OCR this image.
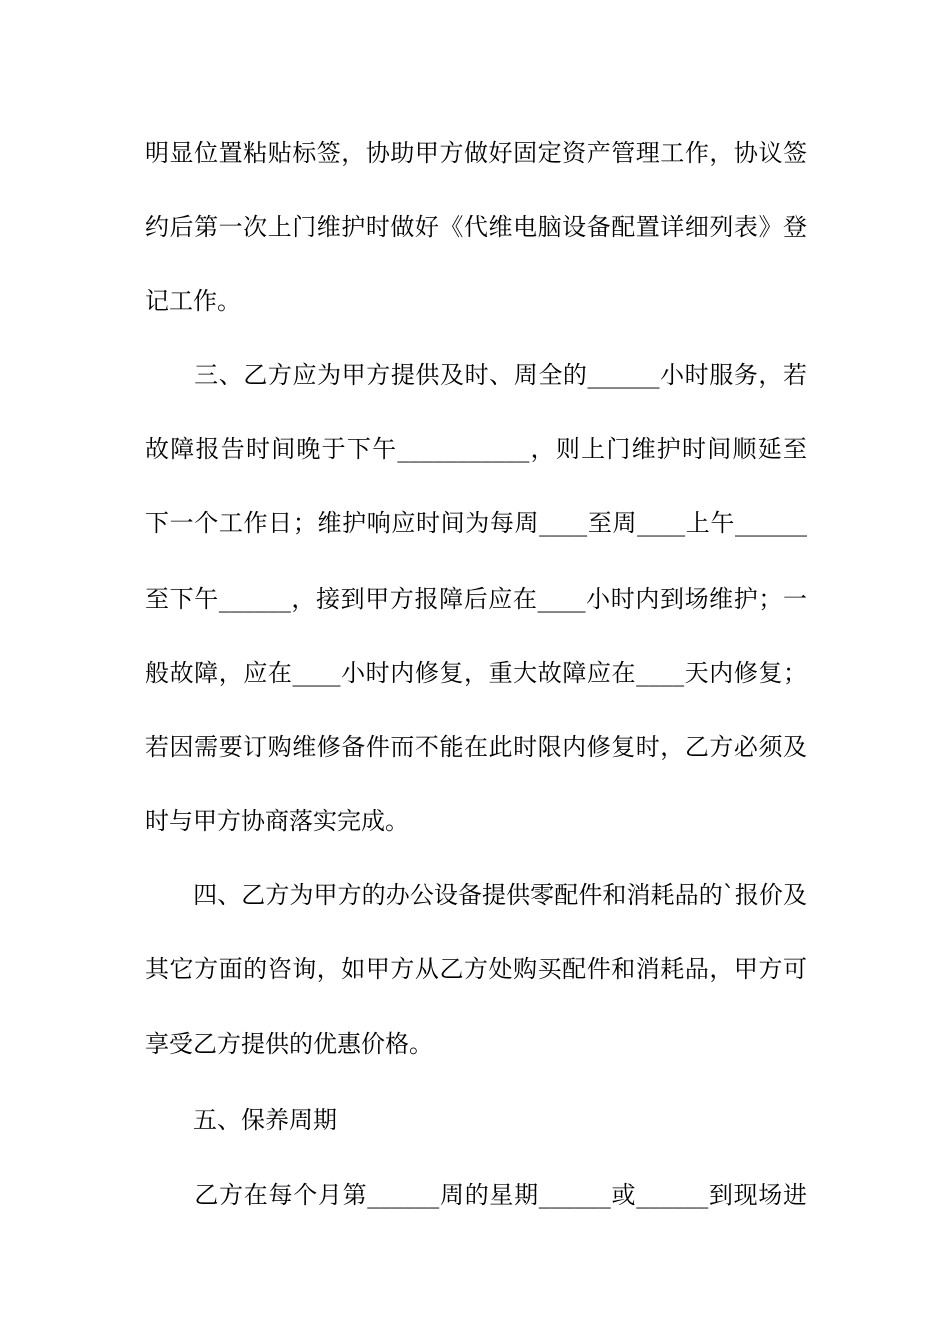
明显位置粘贴标签，协助甲方做好固定资产管理工作，协议签
约后第一次上门维护时做好《代维电脑设备配置详细列表》登
记工作。
　　三、乙方应为甲方提供及时、周全的______小时服务，若
故障报告时间晚于下午___________，则上门维护时间顺延至
下一个工作日；维护响应时间为每周____至周____上午______
至下午______，接到甲方报障后应在____小时内到场维护；一
般故障，应在____小时内修复，重大故障应在____天内修复；
若因需要订购维修备件而不能在此时限内修复时，乙方必须及
时与甲方协商落实完成。
　　四、乙方为甲方的办公设备提供零配件和消耗品的`报价及
其它方面的咨询，如甲方从乙方处购买配件和消耗品，甲方可
享受乙方提供的优惠价格。
　　五、保养周期
　　乙方在每个月第______周的星期______或______到现场进
